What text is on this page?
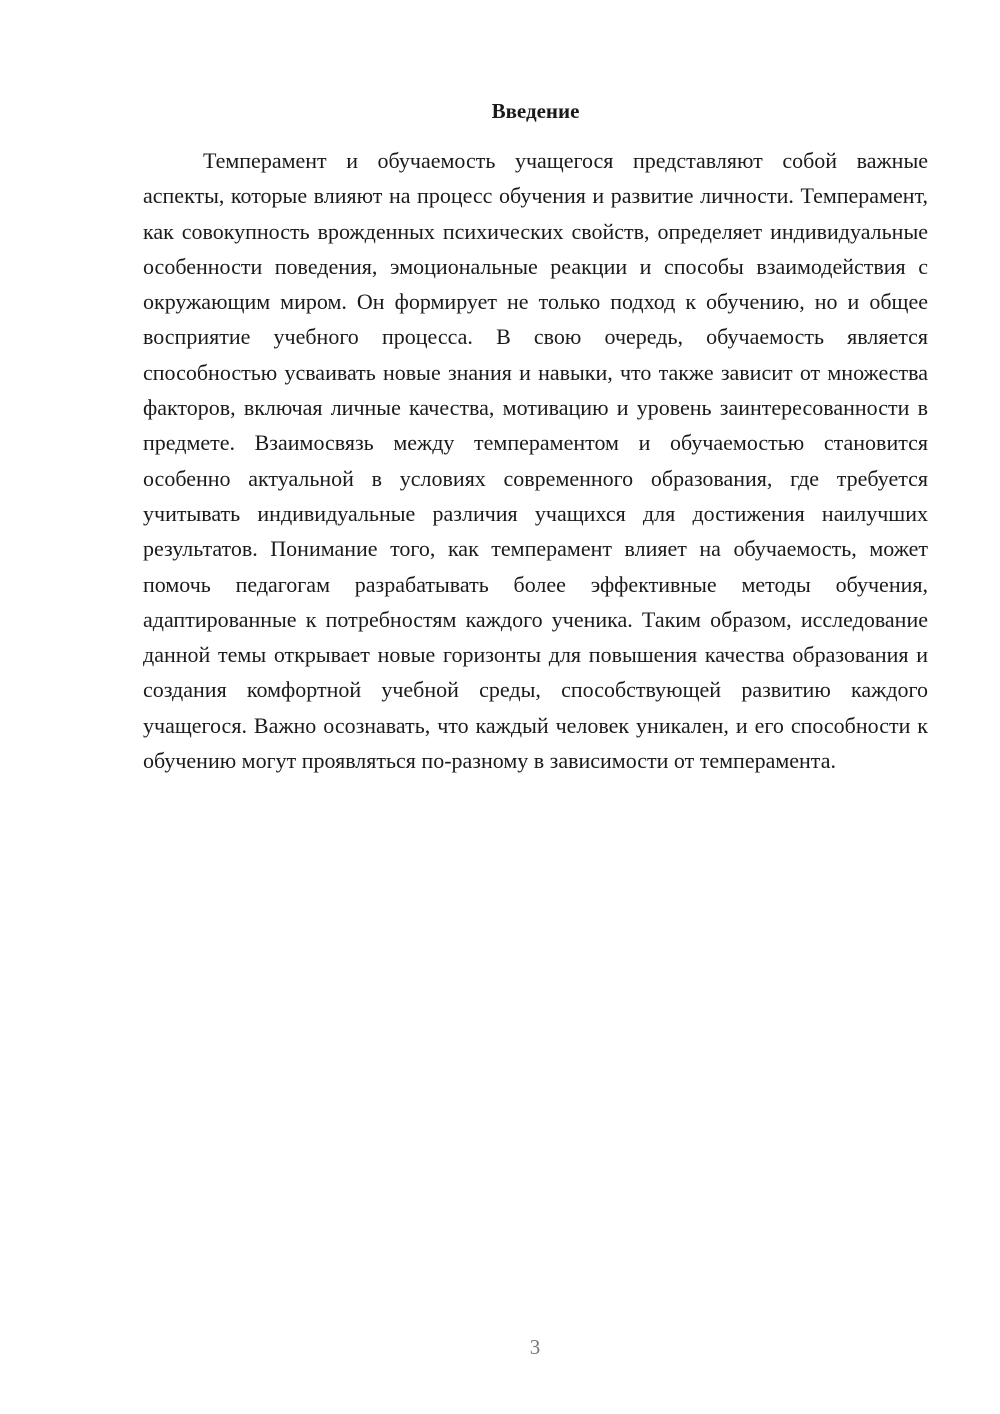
Введение

Темперамент и обучаемость учащегося представляют собой важные аспекты, которые влияют на процесс обучения и развитие личности. Темперамент, как совокупность врожденных психических свойств, определяет индивидуальные особенности поведения, эмоциональные реакции и способы взаимодействия с окружающим миром. Он формирует не только подход к обучению, но и общее восприятие учебного процесса. В свою очередь, обучаемость является способностью усваивать новые знания и навыки, что также зависит от множества факторов, включая личные качества, мотивацию и уровень заинтересованности в предмете. Взаимосвязь между темпераментом и обучаемостью становится особенно актуальной в условиях современного образования, где требуется учитывать индивидуальные различия учащихся для достижения наилучших результатов. Понимание того, как темперамент влияет на обучаемость, может помочь педагогам разрабатывать более эффективные методы обучения, адаптированные к потребностям каждого ученика. Таким образом, исследование данной темы открывает новые горизонты для повышения качества образования и создания комфортной учебной среды, способствующей развитию каждого учащегося. Важно осознавать, что каждый человек уникален, и его способности к обучению могут проявляться по-разному в зависимости от темперамента.

3
